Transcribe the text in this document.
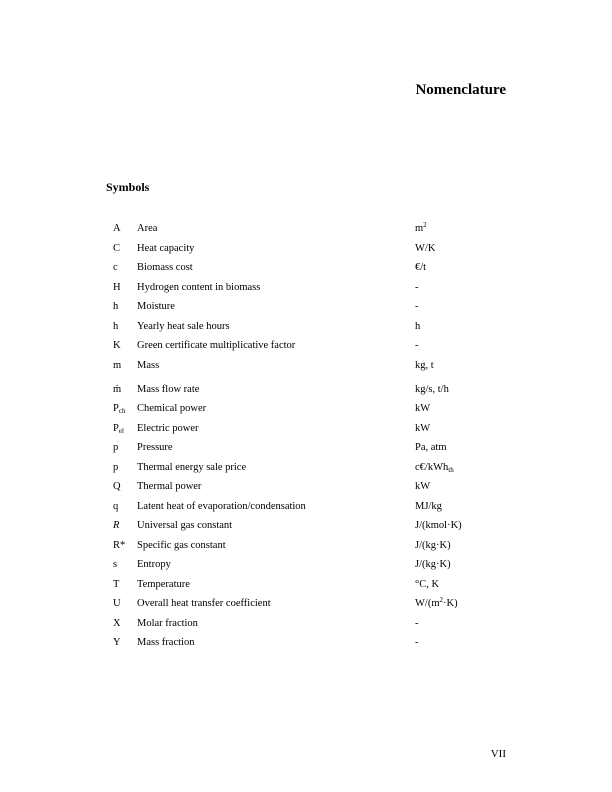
Nomenclature
Symbols
A Area	$m^2$
C Heat capacity	W/K
c Biomass cost	€/t
H Hydrogen content in biomass	-
h Moisture	-
h Yearly heat sale hours	h
K Green certificate multiplicative factor	-
m Mass	kg, t
ṁ Mass flow rate	kg/s, t/h
$P_{ch}$ Chemical power	kW
$P_{el}$ Electric power	kW
p Pressure	Pa, atm
p Thermal energy sale price	c€/kWh$_{th}$
Q Thermal power	kW
q Latent heat of evaporation/condensation	MJ/kg
R Universal gas constant	J/(kmol·K)
R* Specific gas constant	J/(kg·K)
s Entropy	J/(kg·K)
T Temperature	°C, K
U Overall heat transfer coefficient	$W/(m^2\cdot K)$
X Molar fraction	-
Y Mass fraction	-
VII
